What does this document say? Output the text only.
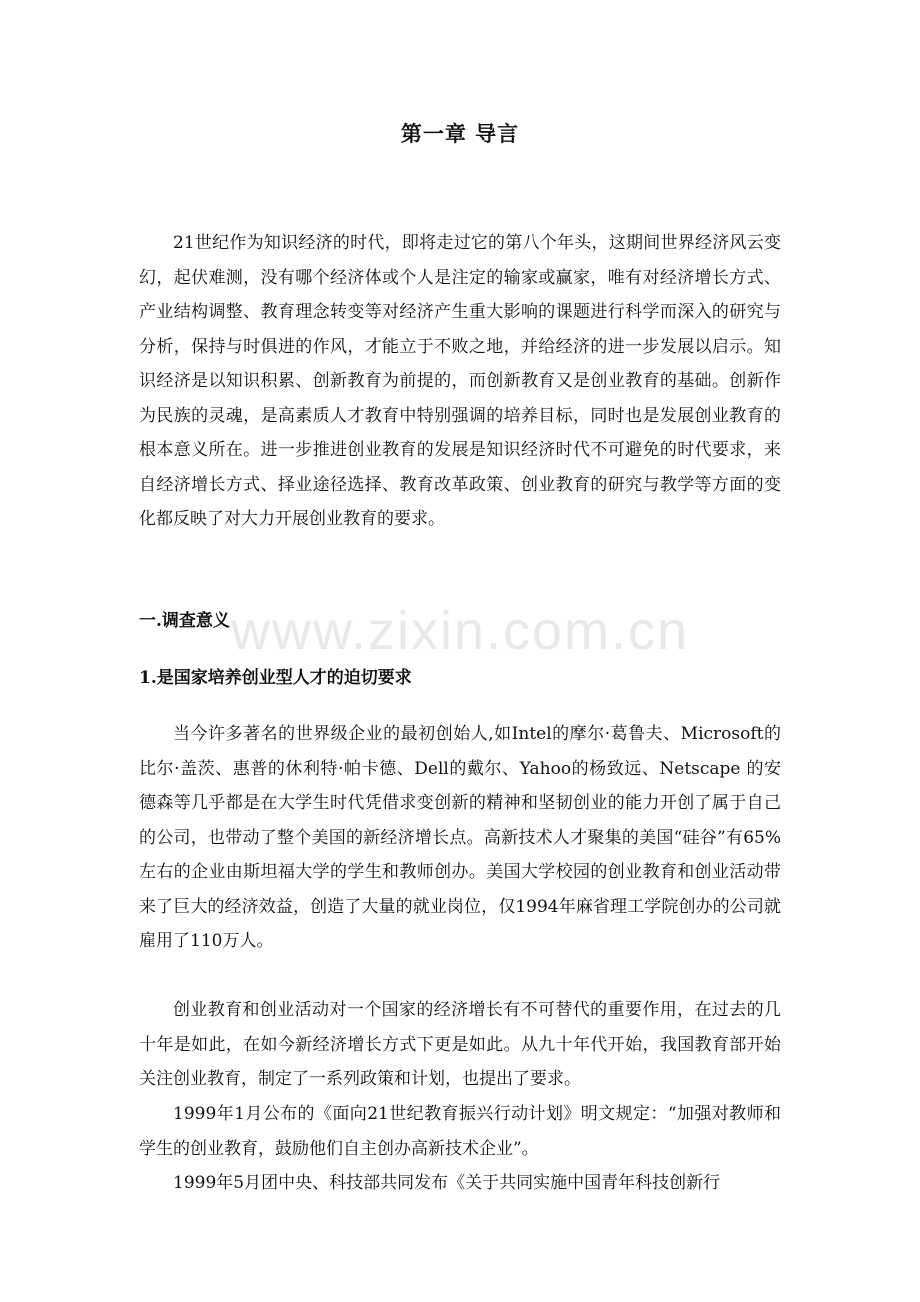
第一章 导言

21世纪作为知识经济的时代，即将走过它的第八个年头，这期间世界经济风云变幻，起伏难测，没有哪个经济体或个人是注定的输家或赢家，唯有对经济增长方式、产业结构调整、教育理念转变等对经济产生重大影响的课题进行科学而深入的研究与分析，保持与时俱进的作风，才能立于不败之地，并给经济的进一步发展以启示。知识经济是以知识积累、创新教育为前提的，而创新教育又是创业教育的基础。创新作为民族的灵魂，是高素质人才教育中特别强调的培养目标，同时也是发展创业教育的根本意义所在。进一步推进创业教育的发展是知识经济时代不可避免的时代要求，来自经济增长方式、择业途径选择、教育改革政策、创业教育的研究与教学等方面的变化都反映了对大力开展创业教育的要求。

一.调查意义
1.是国家培养创业型人才的迫切要求

当今许多著名的世界级企业的最初创始人,如Intel的摩尔·葛鲁夫、Microsoft的比尔·盖茨、惠普的休利特·帕卡德、Dell的戴尔、Yahoo的杨致远、Netscape 的安德森等几乎都是在大学生时代凭借求变创新的精神和坚韧创业的能力开创了属于自己的公司，也带动了整个美国的新经济增长点。高新技术人才聚集的美国“硅谷”有65%左右的企业由斯坦福大学的学生和教师创办。美国大学校园的创业教育和创业活动带来了巨大的经济效益，创造了大量的就业岗位，仅1994年麻省理工学院创办的公司就雇用了110万人。

创业教育和创业活动对一个国家的经济增长有不可替代的重要作用，在过去的几十年是如此，在如今新经济增长方式下更是如此。从九十年代开始，我国教育部开始关注创业教育，制定了一系列政策和计划，也提出了要求。

1999年1月公布的《面向21世纪教育振兴行动计划》明文规定：“加强对教师和学生的创业教育，鼓励他们自主创办高新技术企业”。

1999年5月团中央、科技部共同发布《关于共同实施中国青年科技创新行

www.zixin.com.cn
